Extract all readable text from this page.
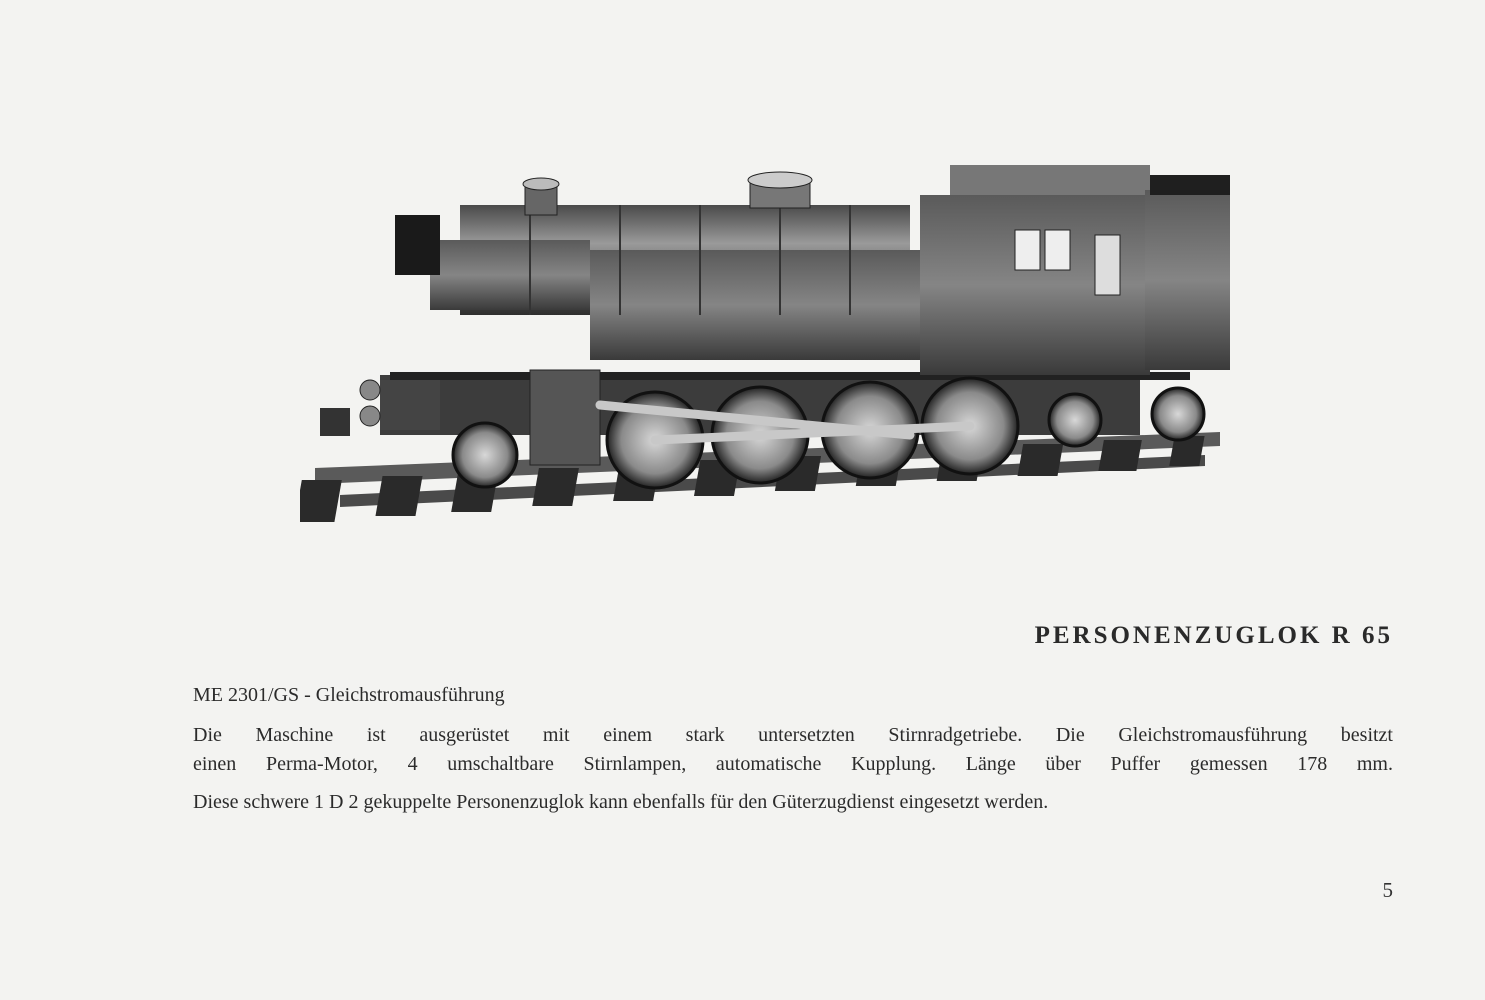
PERSONENZUGLOK R 65
ME 2301/GS - Gleichstromausführung
Die Maschine ist ausgerüstet mit einem stark untersetzten Stirnradgetriebe. Die Gleichstromausführung besitzt
einen Perma-Motor, 4 umschaltbare Stirnlampen, automatische Kupplung. Länge über Puffer gemessen 178 mm.
Diese schwere 1 D 2 gekuppelte Personenzuglok kann ebenfalls für den Güterzugdienst eingesetzt werden.
5
